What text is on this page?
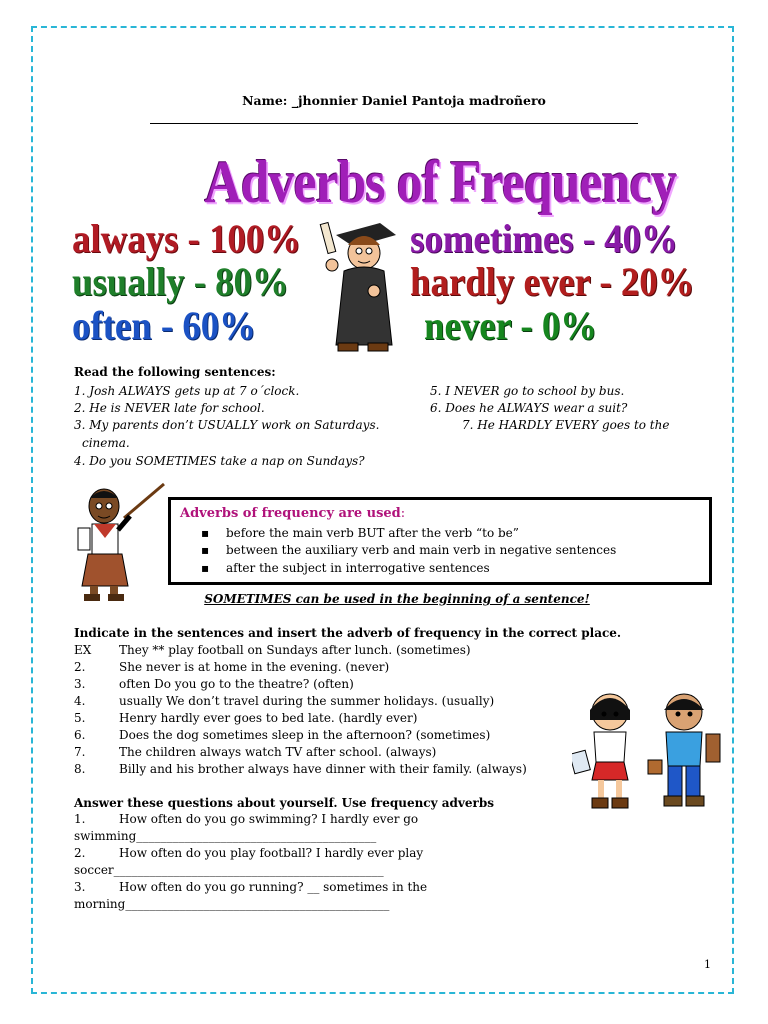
Name: _jhonnier Daniel Pantoja madroñero
Adverbs of Frequency
always - 100%
usually - 80%
often - 60%
sometimes - 40%
hardly ever - 20%
never - 0%
Read the following sentences:
1. Josh ALWAYS gets up at 7 o´clock.
2. He is NEVER late for school.
3. My parents don’t USUALLY work on Saturdays.
cinema.
4. Do you SOMETIMES take a nap on Sundays?
5. I NEVER go to school by bus.
6. Does he ALWAYS wear a suit?
7. He HARDLY EVERY goes to the
Adverbs of frequency are used:
▪ before the main verb BUT after the verb “to be”
▪ between the auxiliary verb and main verb in negative sentences
▪ after the subject in interrogative sentences
SOMETIMES can be used in the beginning of a sentence!
Indicate in the sentences and insert the adverb of frequency in the correct place.
EX They ** play football on Sundays after lunch. (sometimes)
2.	She never is at home in the evening. (never)
3.	often Do you go to the theatre? (often)
4.	usually We don’t travel during the summer holidays. (usually)
5.	Henry hardly ever goes to bed late. (hardly ever)
6.	Does the dog sometimes sleep in the afternoon? (sometimes)
7.	The children always watch TV after school. (always)
8.	Billy and his brother always have dinner with their family. (always)
Answer these questions about yourself. Use frequency adverbs
1.	How often do you go swimming? I hardly ever go
swimming________________________________________
2.	How often do you play football? I hardly ever play
soccer_____________________________________________
3.	How often do you go running? __ sometimes in the
morning____________________________________________
1
